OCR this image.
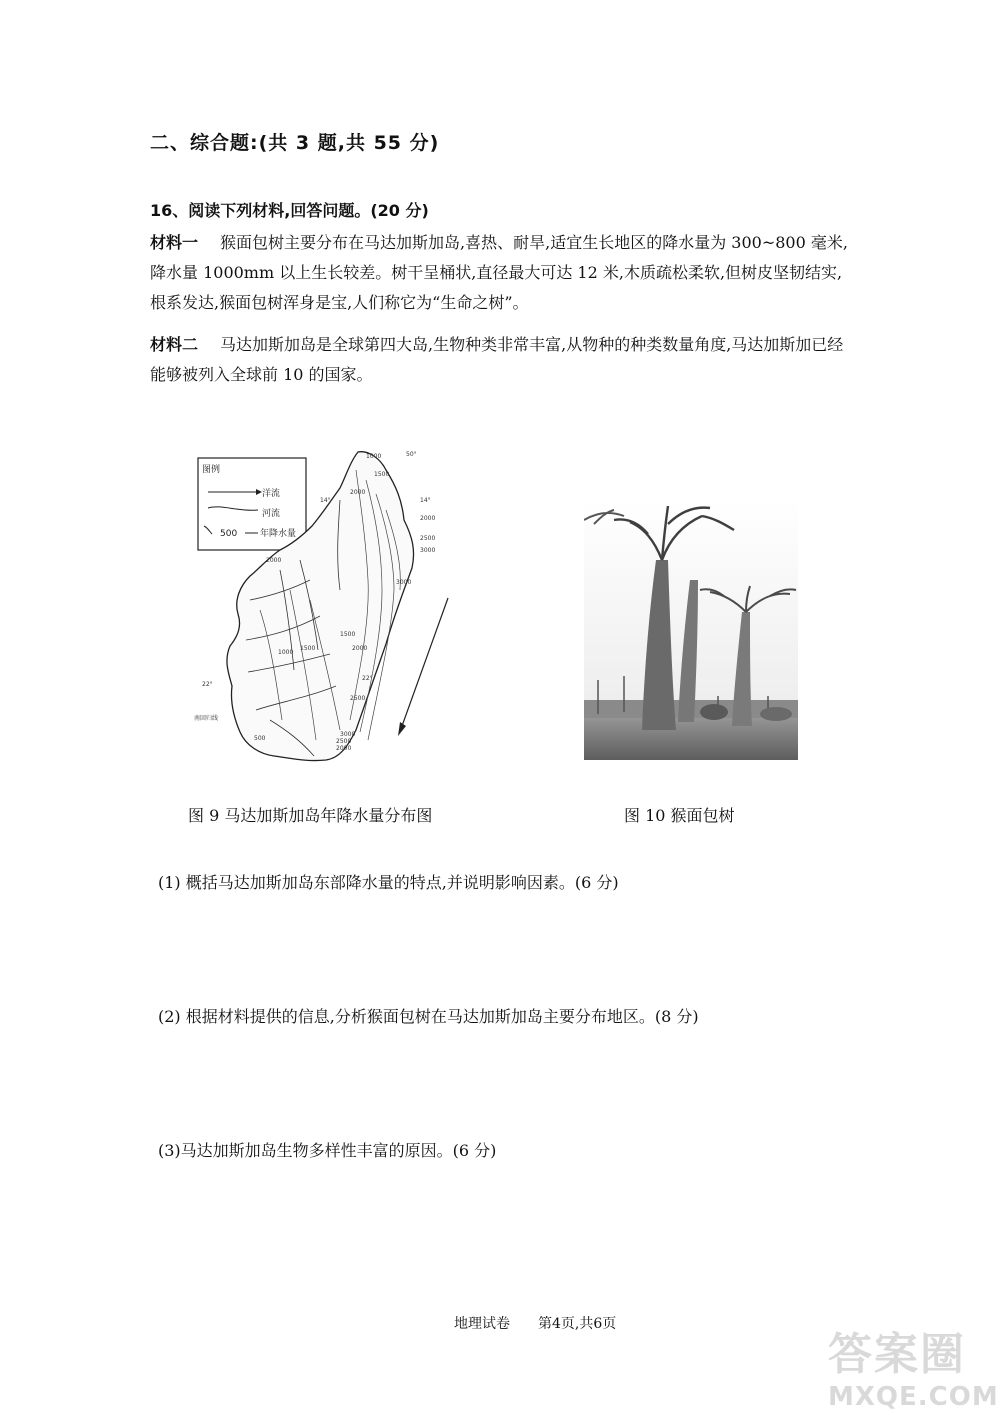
二、综合题:(共 3 题,共 55 分)
16、阅读下列材料,回答问题。(20 分)
材料一 猴面包树主要分布在马达加斯加岛,喜热、耐旱,适宜生长地区的降水量为 300~800 毫米,降水量 1000mm 以上生长较差。树干呈桶状,直径最大可达 12 米,木质疏松柔软,但树皮坚韧结实,根系发达,猴面包树浑身是宝,人们称它为“生命之树”。
材料二 马达加斯加岛是全球第四大岛,生物种类非常丰富,从物种的种类数量角度,马达加斯加已经能够被列入全球前 10 的国家。
图例
洋流
河流
500	年降水量
50°
14°	14°
1000
1500
2000
2000
2500
3000
3000
2000
1000
1500
1500
2000
22°
22°
2500
南回归线
500
3000
2500
2000
图 9 马达加斯加岛年降水量分布图	图 10 猴面包树
(1) 概括马达加斯加岛东部降水量的特点,并说明影响因素。(6 分)
(2) 根据材料提供的信息,分析猴面包树在马达加斯加岛主要分布地区。(8 分)
(3)马达加斯加岛生物多样性丰富的原因。(6 分)
地理试卷 第4页,共6页
答案圈
MXQE.COM
